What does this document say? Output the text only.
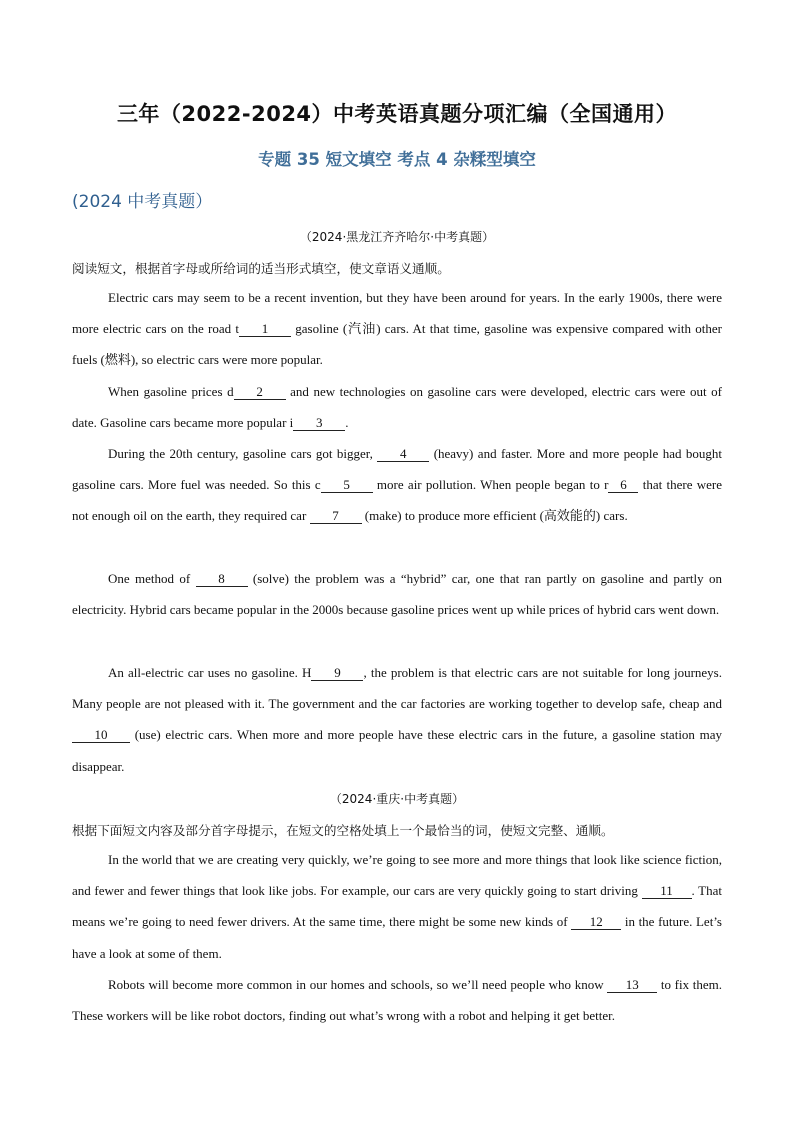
三年（2022-2024）中考英语真题分项汇编（全国通用）
专题 35 短文填空 考点 4 杂糅型填空
(2024 中考真题）
（2024·黑龙江齐齐哈尔·中考真题）
阅读短文，根据首字母或所给词的适当形式填空，使文章语义通顺。

Electric cars may seem to be a recent invention, but they have been around for years. In the early 1900s, there were more electric cars on the road t 1 gasoline (汽油) cars. At that time, gasoline was expensive compared with other fuels (燃料), so electric cars were more popular.

When gasoline prices d 2 and new technologies on gasoline cars were developed, electric cars were out of date. Gasoline cars became more popular i 3 .

During the 20th century, gasoline cars got bigger, 4 (heavy) and faster. More and more people had bought gasoline cars. More fuel was needed. So this c 5 more air pollution. When people began to r 6 that there were not enough oil on the earth, they required car 7 (make) to produce more efficient (高效能的) cars.

One method of 8 (solve) the problem was a “hybrid” car, one that ran partly on gasoline and partly on electricity. Hybrid cars became popular in the 2000s because gasoline prices went up while prices of hybrid cars went down.

An all-electric car uses no gasoline. H 9 , the problem is that electric cars are not suitable for long journeys. Many people are not pleased with it. The government and the car factories are working together to develop safe, cheap and 10 (use) electric cars. When more and more people have these electric cars in the future, a gasoline station may disappear.

（2024·重庆·中考真题）
根据下面短文内容及部分首字母提示，在短文的空格处填上一个最恰当的词，使短文完整、通顺。

In the world that we are creating very quickly, we’re going to see more and more things that look like science fiction, and fewer and fewer things that look like jobs. For example, our cars are very quickly going to start driving 11 . That means we’re going to need fewer drivers. At the same time, there might be some new kinds of 12 in the future. Let’s have a look at some of them.

Robots will become more common in our homes and schools, so we’ll need people who know 13 to fix them. These workers will be like robot doctors, finding out what’s wrong with a robot and helping it get better.
